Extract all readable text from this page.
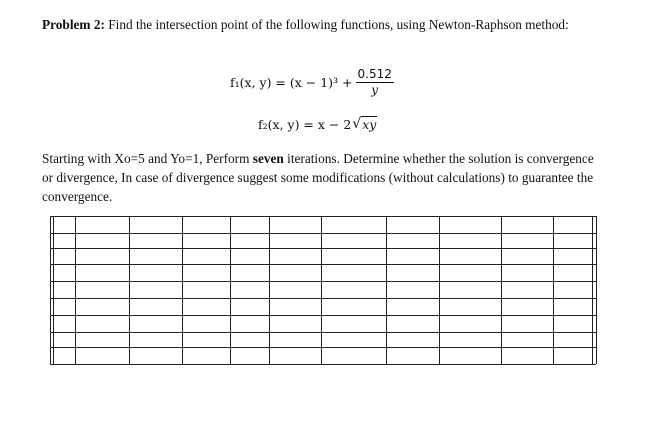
Problem 2: Find the intersection point of the following functions, using Newton-Raphson method:
f₁(x, $y) = (x - 1)^3 + \frac{0.512}{y}$
f₂(x, y) = x − 2 √ xy
Starting with Xo=5 and Yo=1, Perform seven iterations. Determine whether the solution is convergence or divergence, In case of divergence suggest some modifications (without calculations) to guarantee the convergence.
